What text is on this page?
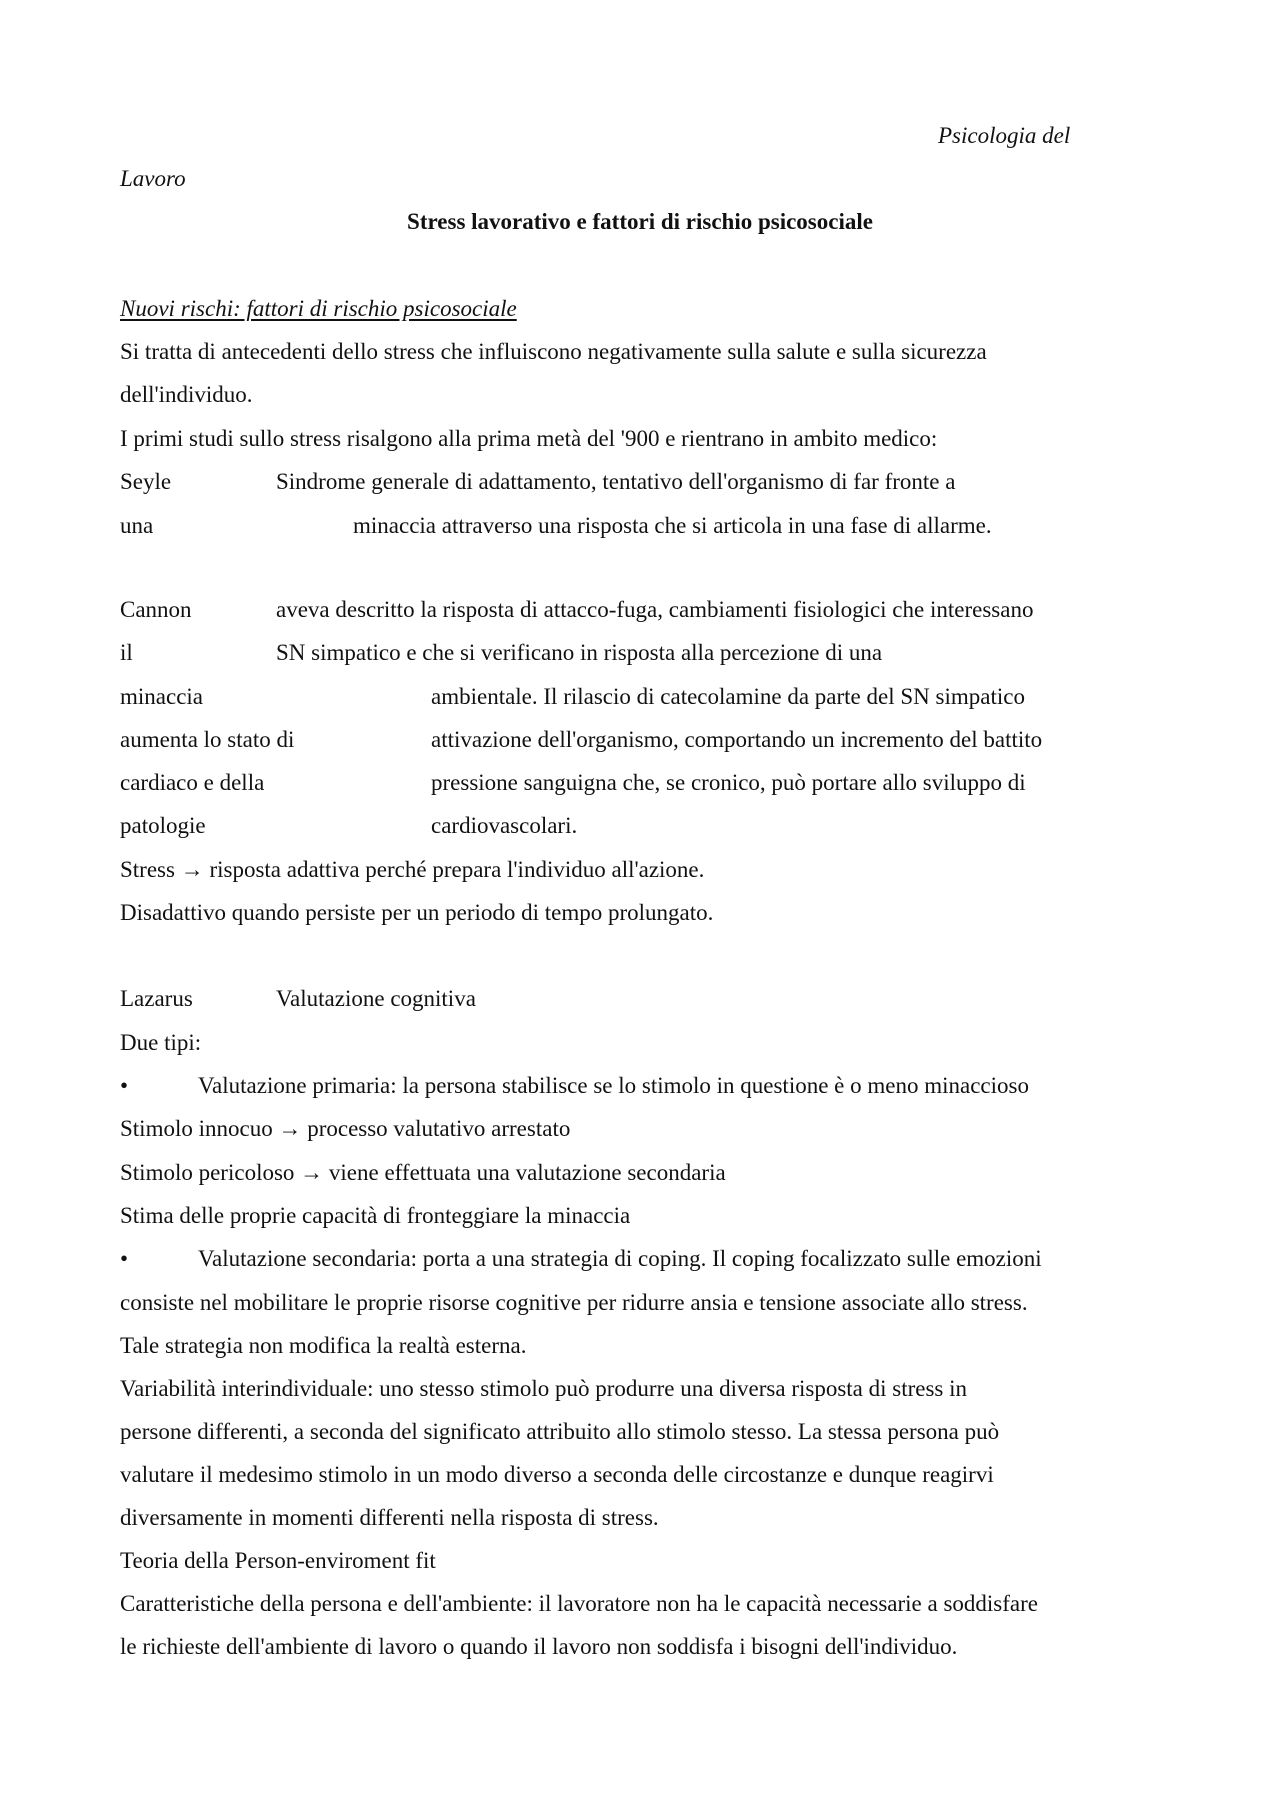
Psicologia del
Lavoro
Stress lavorativo e fattori di rischio psicosociale
Nuovi rischi: fattori di rischio psicosociale
Si tratta di antecedenti dello stress che influiscono negativamente sulla salute e sulla sicurezza
dell'individuo.
I primi studi sullo stress risalgono alla prima metà del '900 e rientrano in ambito medico:
Seyle	Sindrome generale di adattamento, tentativo dell'organismo di far fronte a
una	minaccia attraverso una risposta che si articola in una fase di allarme.
Cannon	aveva descritto la risposta di attacco-fuga, cambiamenti fisiologici che interessano
il	SN simpatico e che si verificano in risposta alla percezione di una
minaccia	ambientale. Il rilascio di catecolamine da parte del SN simpatico
aumenta lo stato di	attivazione dell'organismo, comportando un incremento del battito
cardiaco e della	pressione sanguigna che, se cronico, può portare allo sviluppo di
patologie	cardiovascolari.
Stress → risposta adattiva perché prepara l'individuo all'azione.
Disadattivo quando persiste per un periodo di tempo prolungato.
Lazarus	Valutazione cognitiva
Due tipi:
•	Valutazione primaria: la persona stabilisce se lo stimolo in questione è o meno minaccioso
Stimolo innocuo → processo valutativo arrestato
Stimolo pericoloso → viene effettuata una valutazione secondaria
Stima delle proprie capacità di fronteggiare la minaccia
•	Valutazione secondaria: porta a una strategia di coping. Il coping focalizzato sulle emozioni
consiste nel mobilitare le proprie risorse cognitive per ridurre ansia e tensione associate allo stress.
Tale strategia non modifica la realtà esterna.
Variabilità interindividuale: uno stesso stimolo può produrre una diversa risposta di stress in
persone differenti, a seconda del significato attribuito allo stimolo stesso. La stessa persona può
valutare il medesimo stimolo in un modo diverso a seconda delle circostanze e dunque reagirvi
diversamente in momenti differenti nella risposta di stress.
Teoria della Person-enviroment fit
Caratteristiche della persona e dell'ambiente: il lavoratore non ha le capacità necessarie a soddisfare
le richieste dell'ambiente di lavoro o quando il lavoro non soddisfa i bisogni dell'individuo.
